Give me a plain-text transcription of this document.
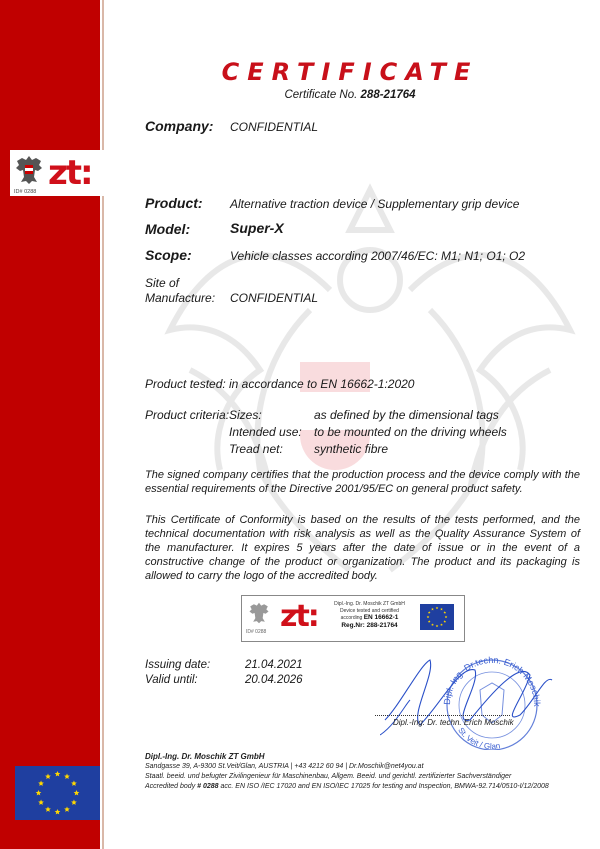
ID# 0288 zt:
CERTIFICATE
Certificate No. 288-21764
Company: CONFIDENTIAL
Product: Alternative traction device / Supplementary grip device
Model:	Super-X
Scope:	Vehicle classes according 2007/46/EC: M1; N1; O1; O2
Site of
Manufacture: CONFIDENTIAL
Product tested: in accordance to EN 16662-1:2020
Product criteria: Sizes:	as defined by the dimensional tags
Intended use: to be mounted on the driving wheels
Tread net:	synthetic fibre
The signed company certifies that the production process and the device comply with the essential requirements of the Directive 2001/95/EC on general product safety.
This Certificate of Conformity is based on the results of the tests performed, and the technical documentation with risk analysis as well as the Quality Assurance System of the manufacturer. It expires 5 years after the date of issue or in the event of a constructive change of the product or organization. The product and its packaging is allowed to carry the logo of the accredited body.
ID# 0288 zt:	Dipl.-Ing. Dr. Moschik ZT GmbH
Device tested and certified
according EN 16662-1
Reg.Nr: 288-21764
Issuing date:	21.04.2021
Valid until:	20.04.2026
Dipl.-Ing. Dr.techn. Erich Moschik
St. Veit / Glan
Dipl.-Ing. Dr. techn. Erich Moschik
Dipl.-Ing. Dr. Moschik ZT GmbH
Sandgasse 39, A-9300 St.Veit/Glan, AUSTRIA | +43 4212 60 94 | Dr.Moschik@net4you.at
Staatl. beeid. und befugter Zivilingenieur für Maschinenbau, Allgem. Beeid. und gerichtl. zertifizierter Sachverständiger
Accredited body # 0288 acc. EN ISO /IEC 17020 and EN ISO/IEC 17025 for testing and Inspection, BMWA-92.714/0510-I/12/2008
